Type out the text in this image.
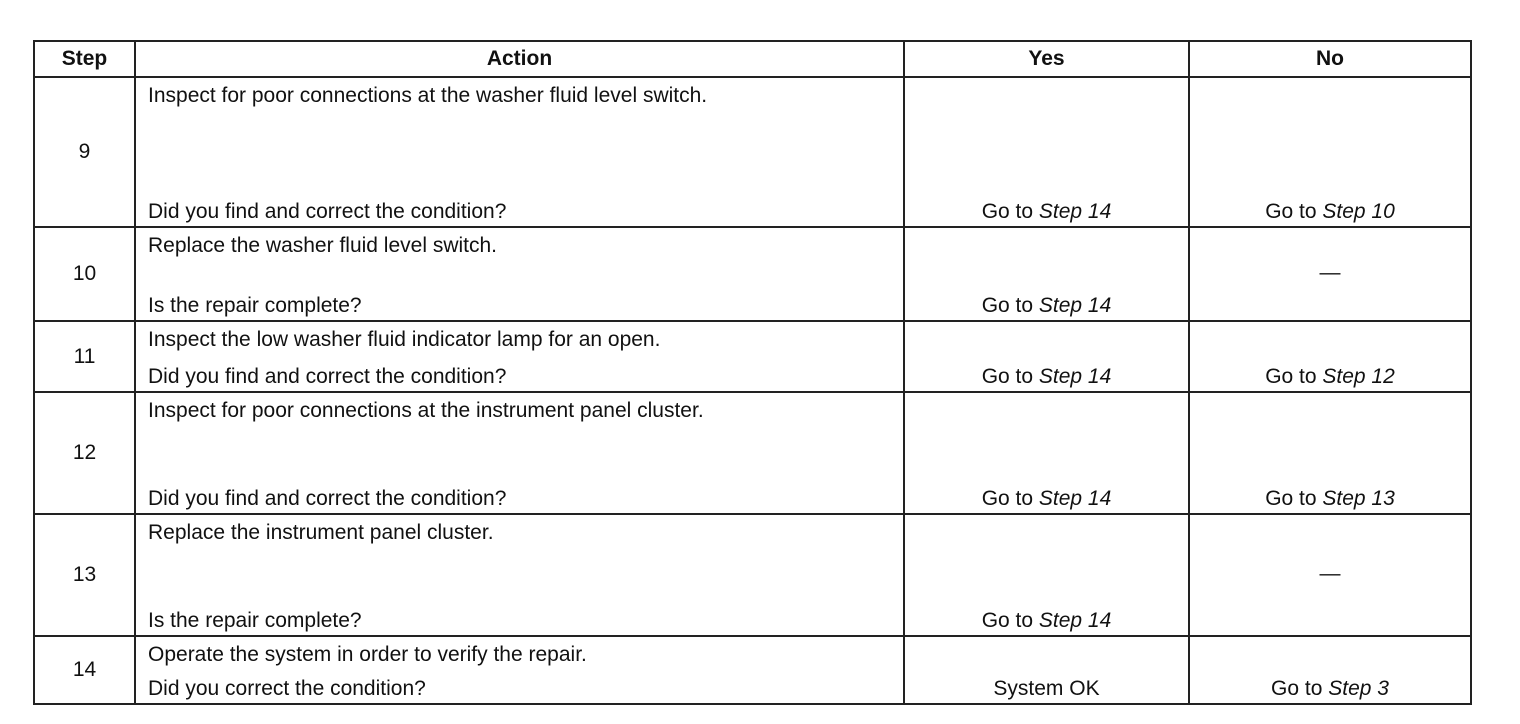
Step	Action	Yes	No
9	Inspect for poor connections at the washer fluid level switch.
Did you find and correct the condition?	Go to Step 14	Go to Step 10

10	Replace the washer fluid level switch.
Is the repair complete?	Go to Step 14	—

11	Inspect the low washer fluid indicator lamp for an open.
Did you find and correct the condition?	Go to Step 14	Go to Step 12

12	Inspect for poor connections at the instrument panel cluster.
Did you find and correct the condition?	Go to Step 14	Go to Step 13

13	Replace the instrument panel cluster.
Is the repair complete?	Go to Step 14	—

14	Operate the system in order to verify the repair.
Did you correct the condition?	System OK	Go to Step 3
